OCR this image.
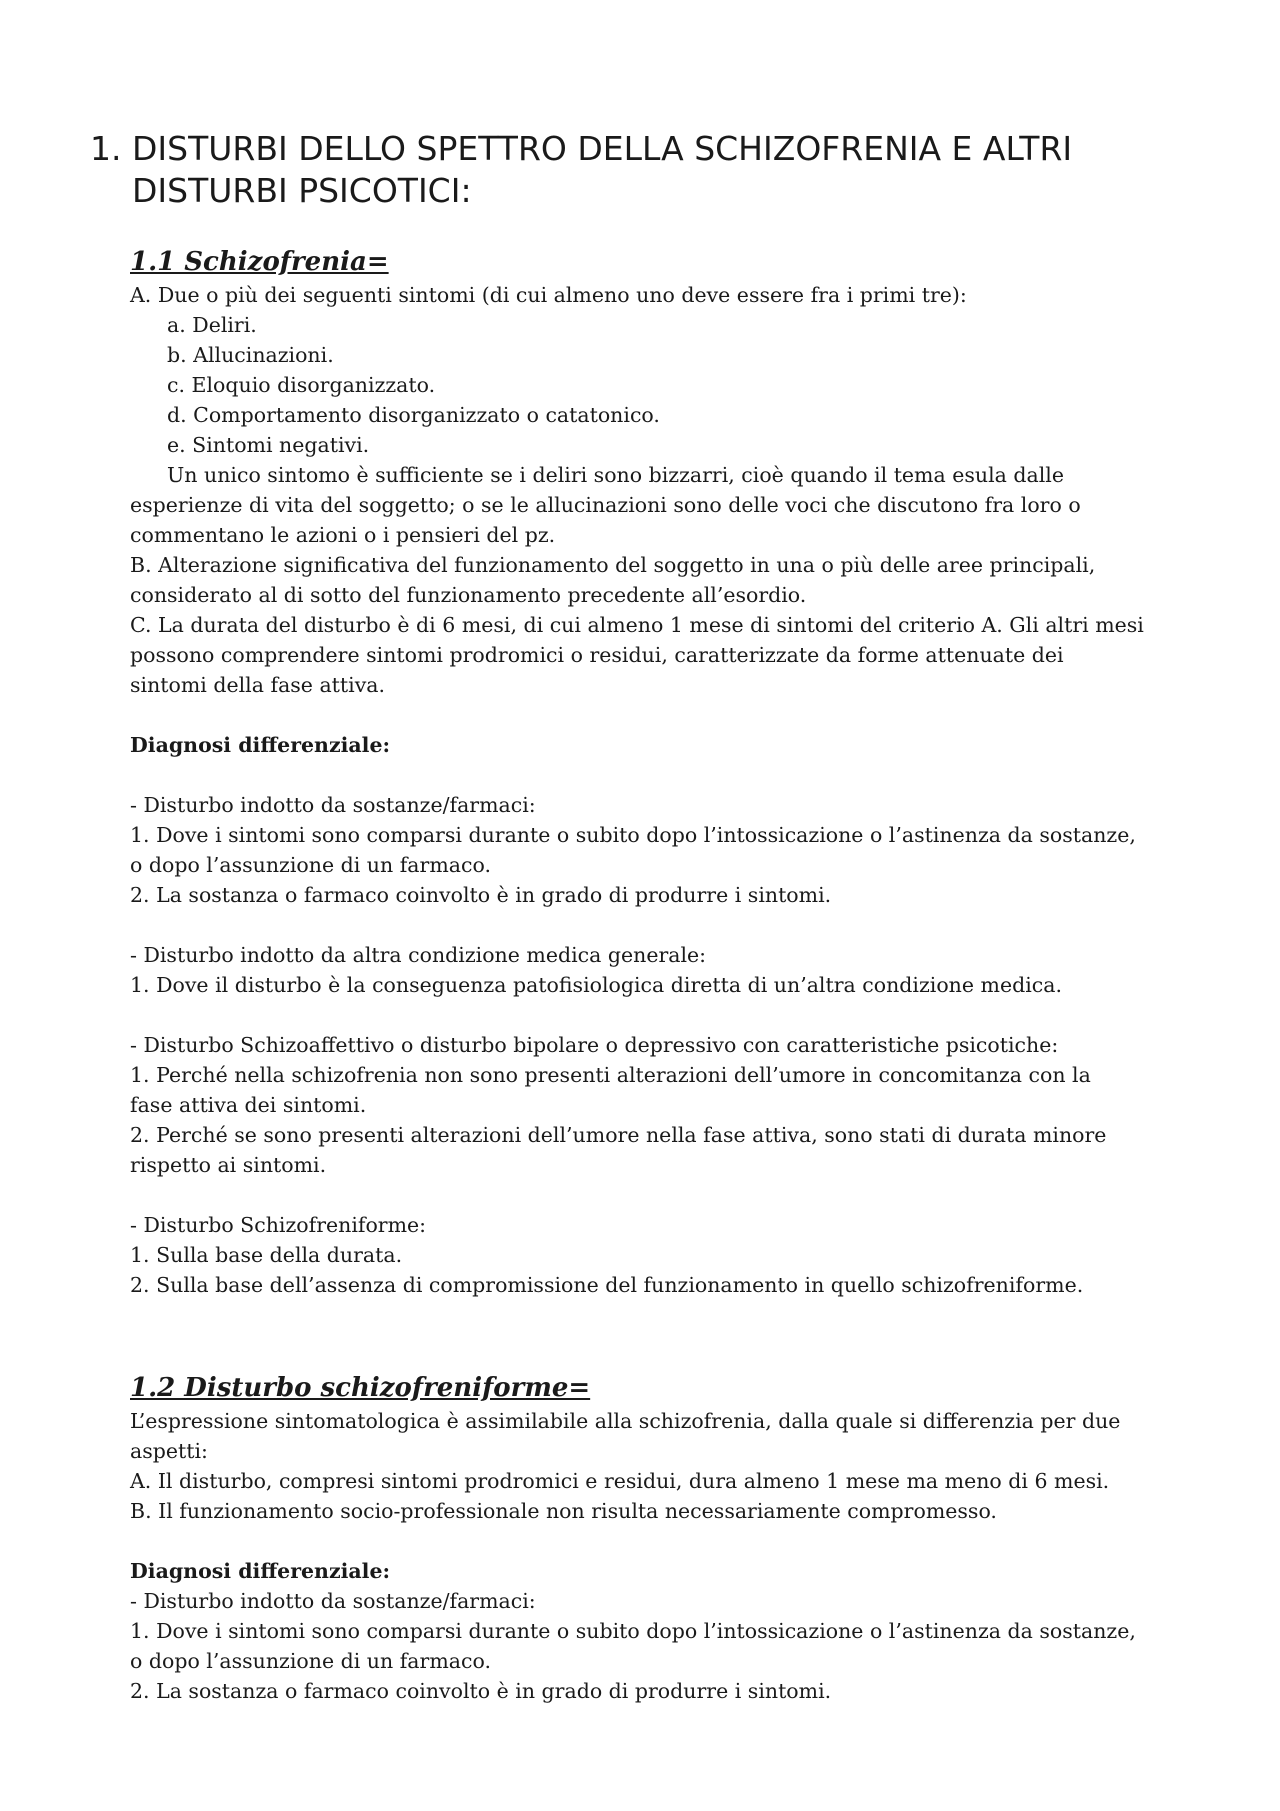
1. DISTURBI DELLO SPETTRO DELLA SCHIZOFRENIA E ALTRI
DISTURBI PSICOTICI:
1.1 Schizofrenia=
A. Due o più dei seguenti sintomi (di cui almeno uno deve essere fra i primi tre):
a. Deliri.
b. Allucinazioni.
c. Eloquio disorganizzato.
d. Comportamento disorganizzato o catatonico.
e. Sintomi negativi.
Un unico sintomo è sufficiente se i deliri sono bizzarri, cioè quando il tema esula dalle
esperienze di vita del soggetto; o se le allucinazioni sono delle voci che discutono fra loro o
commentano le azioni o i pensieri del pz.
B. Alterazione significativa del funzionamento del soggetto in una o più delle aree principali,
considerato al di sotto del funzionamento precedente all’esordio.
C. La durata del disturbo è di 6 mesi, di cui almeno 1 mese di sintomi del criterio A. Gli altri mesi
possono comprendere sintomi prodromici o residui, caratterizzate da forme attenuate dei
sintomi della fase attiva.
Diagnosi differenziale:
- Disturbo indotto da sostanze/farmaci:
1. Dove i sintomi sono comparsi durante o subito dopo l’intossicazione o l’astinenza da sostanze,
o dopo l’assunzione di un farmaco.
2. La sostanza o farmaco coinvolto è in grado di produrre i sintomi.
- Disturbo indotto da altra condizione medica generale:
1. Dove il disturbo è la conseguenza patofisiologica diretta di un’altra condizione medica.
- Disturbo Schizoaffettivo o disturbo bipolare o depressivo con caratteristiche psicotiche:
1. Perché nella schizofrenia non sono presenti alterazioni dell’umore in concomitanza con la
fase attiva dei sintomi.
2. Perché se sono presenti alterazioni dell’umore nella fase attiva, sono stati di durata minore
rispetto ai sintomi.
- Disturbo Schizofreniforme:
1. Sulla base della durata.
2. Sulla base dell’assenza di compromissione del funzionamento in quello schizofreniforme.
1.2 Disturbo schizofreniforme=
L’espressione sintomatologica è assimilabile alla schizofrenia, dalla quale si differenzia per due
aspetti:
A. Il disturbo, compresi sintomi prodromici e residui, dura almeno 1 mese ma meno di 6 mesi.
B. Il funzionamento socio-professionale non risulta necessariamente compromesso.
Diagnosi differenziale:
- Disturbo indotto da sostanze/farmaci:
1. Dove i sintomi sono comparsi durante o subito dopo l’intossicazione o l’astinenza da sostanze,
o dopo l’assunzione di un farmaco.
2. La sostanza o farmaco coinvolto è in grado di produrre i sintomi.
